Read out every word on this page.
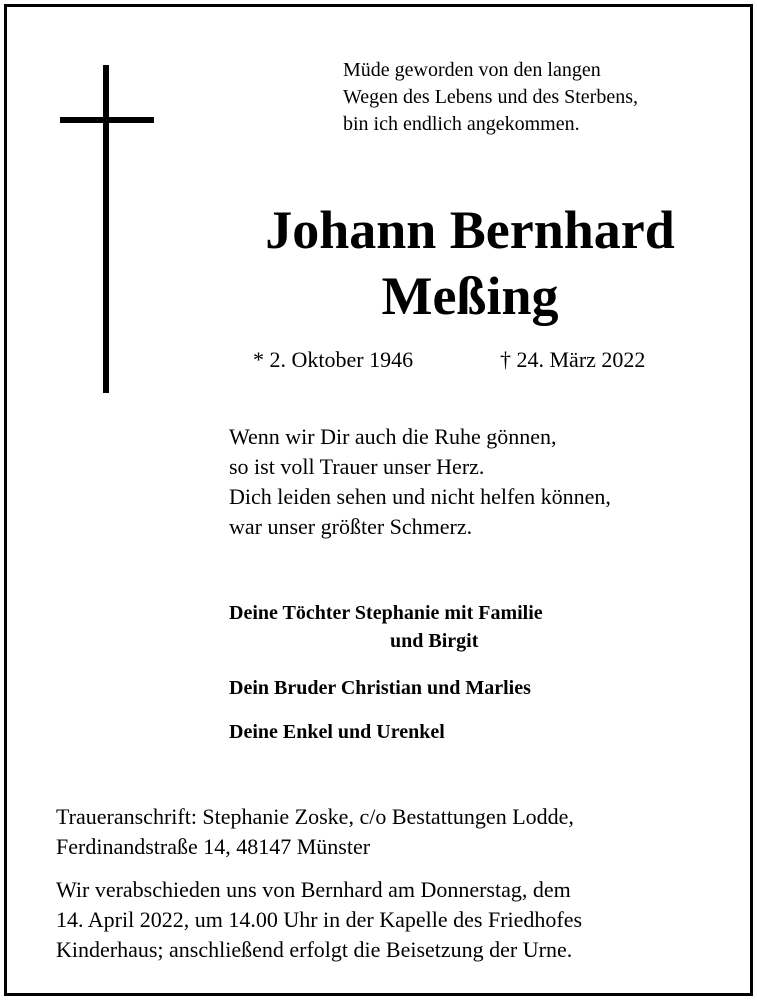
Müde geworden von den langen
Wegen des Lebens und des Sterbens,
bin ich endlich angekommen.
Johann Bernhard
Meßing
* 2. Oktober 1946	† 24. März 2022
Wenn wir Dir auch die Ruhe gönnen,
so ist voll Trauer unser Herz.
Dich leiden sehen und nicht helfen können,
war unser größter Schmerz.
Deine Töchter Stephanie mit Familie
und Birgit
Dein Bruder Christian und Marlies
Deine Enkel und Urenkel
Traueranschrift: Stephanie Zoske, c/o Bestattungen Lodde,
Ferdinandstraße 14, 48147 Münster
Wir verabschieden uns von Bernhard am Donnerstag, dem
14. April 2022, um 14.00 Uhr in der Kapelle des Friedhofes
Kinderhaus; anschließend erfolgt die Beisetzung der Urne.
